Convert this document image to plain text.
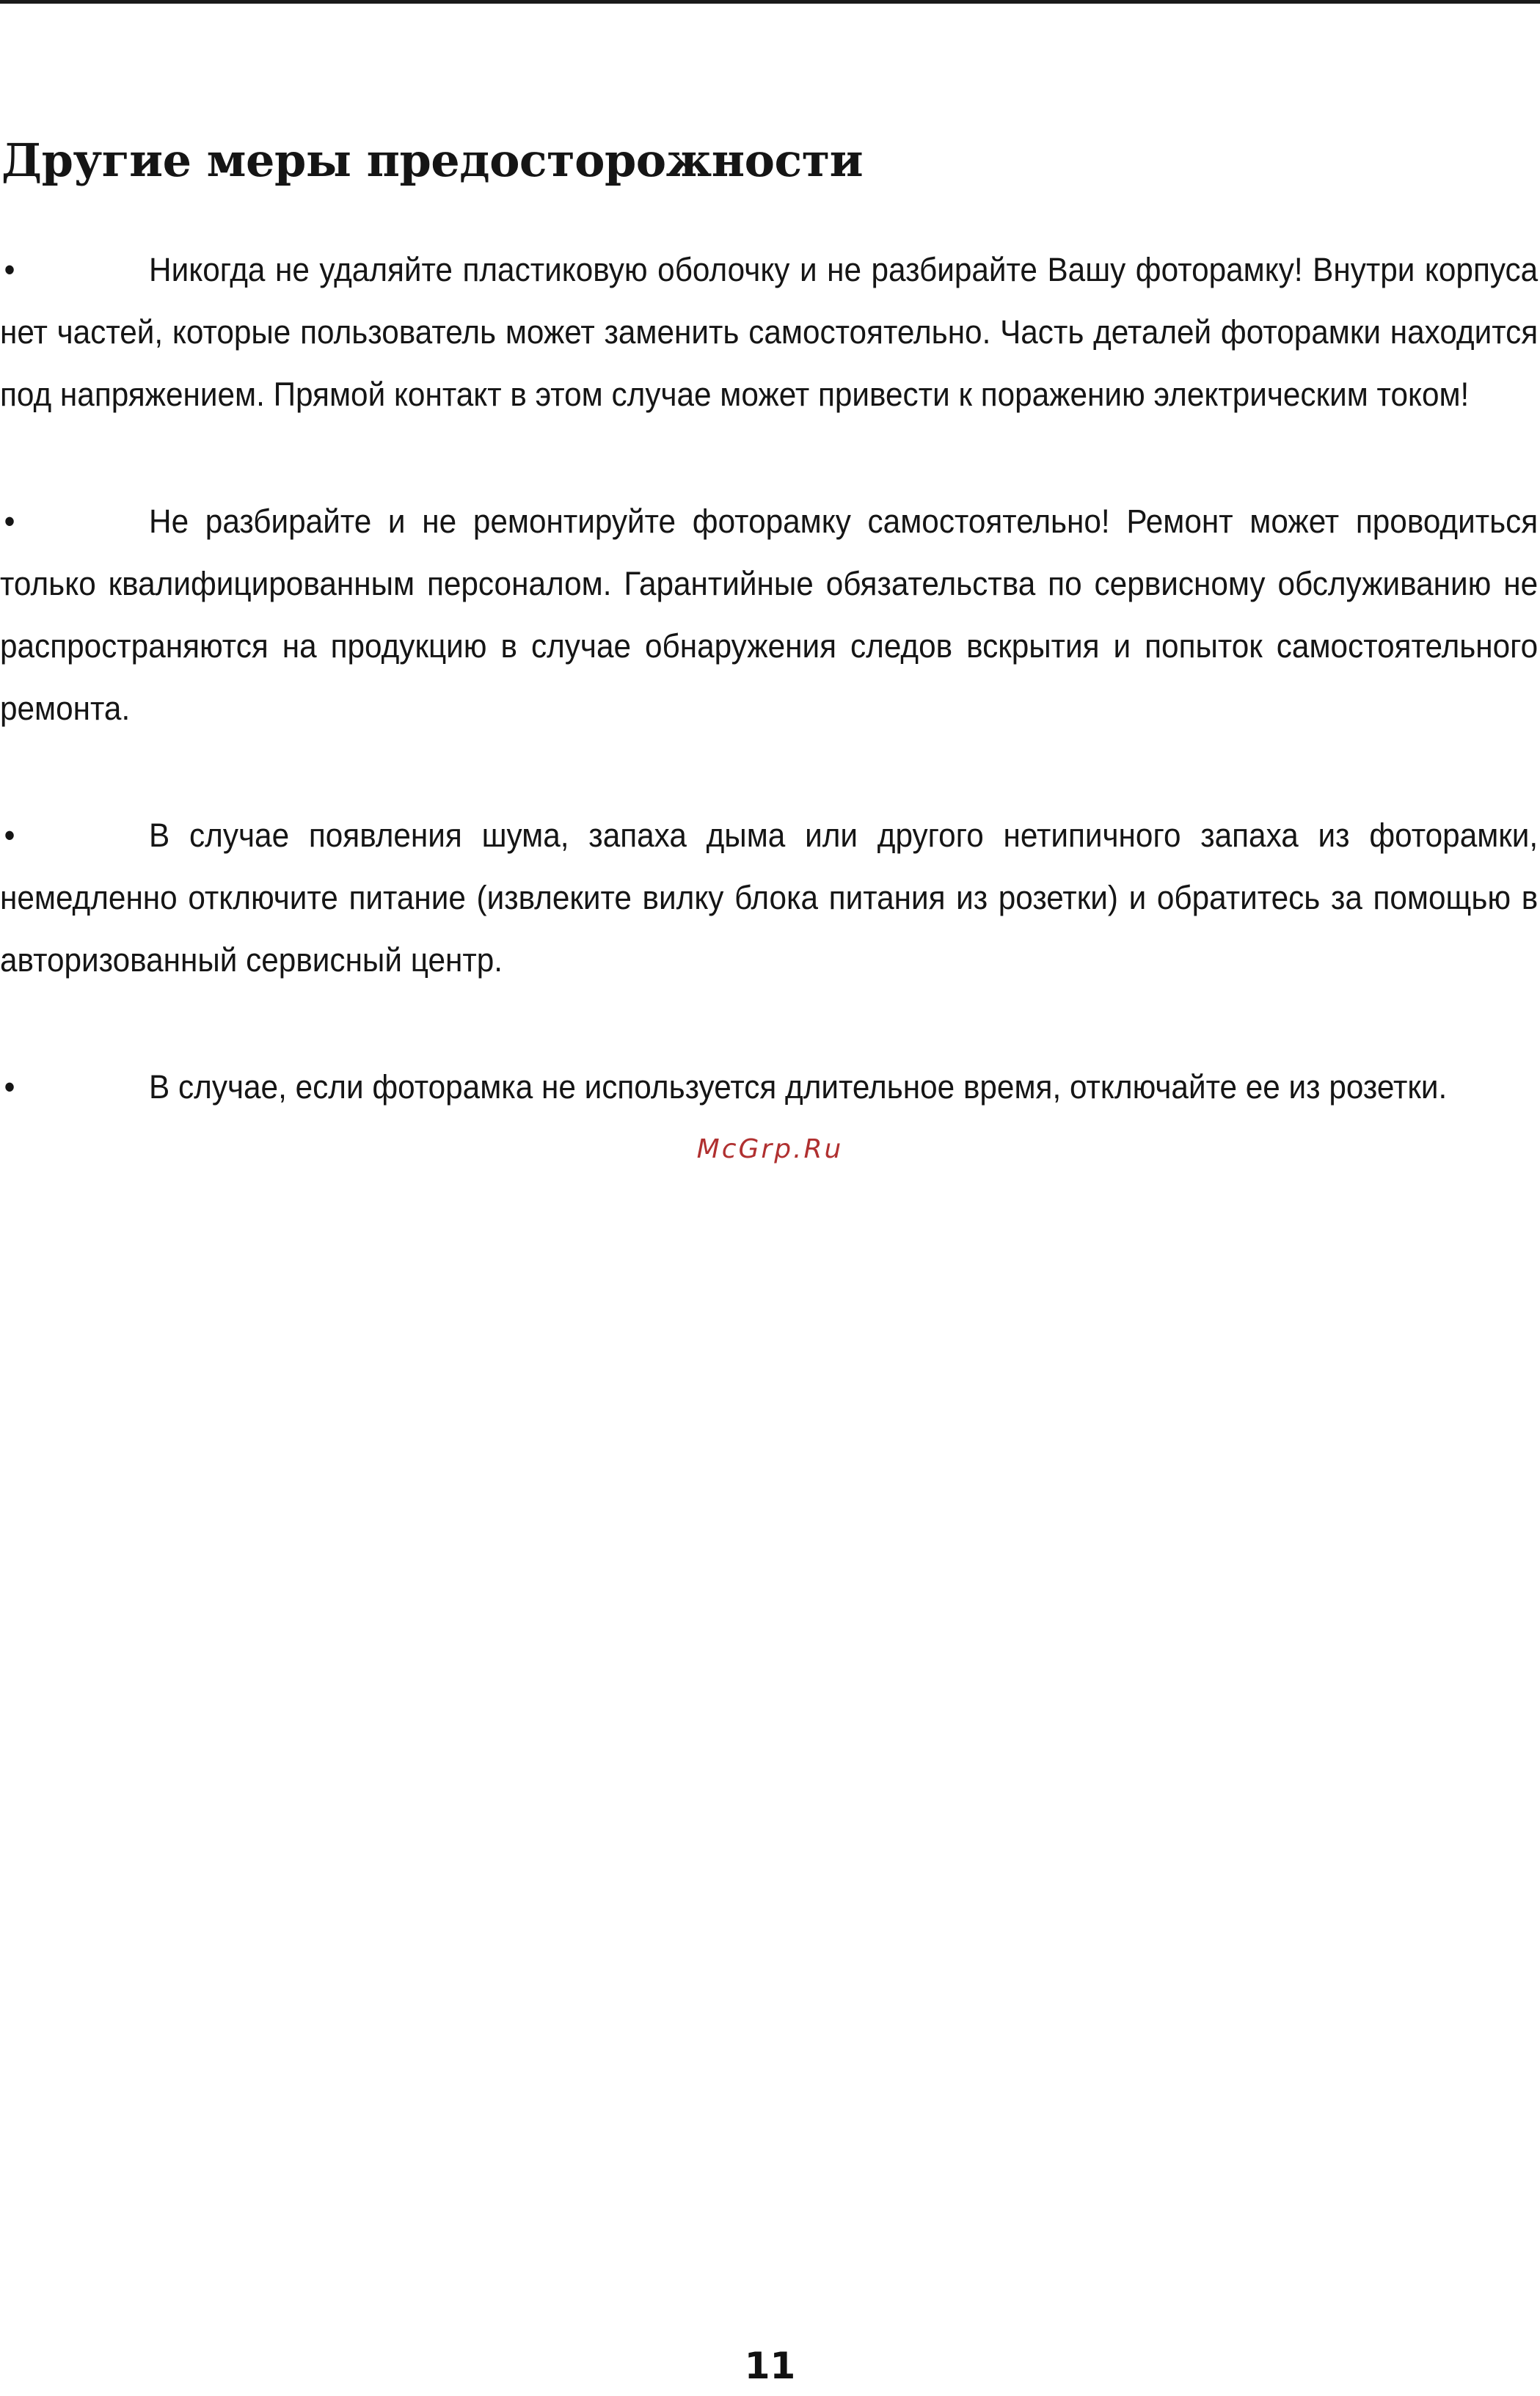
Другие меры предосторожности

•	Никогда не удаляйте пластиковую оболочку и не разбирайте Вашу фоторамку! Внутри корпуса нет частей, которые пользователь может заменить самостоятельно. Часть деталей фоторамки находится под напряжением. Прямой контакт в этом случае может привести к поражению электрическим током!

•	Не разбирайте и не ремонтируйте фоторамку самостоятельно! Ремонт может проводиться только квалифицированным персоналом. Гарантийные обязательства по сервисному обслуживанию не распространяются на продукцию в случае обнаружения следов вскрытия и попыток самостоятельного ремонта.

•	В случае появления шума, запаха дыма или другого нетипичного запаха из фоторамки, немедленно отключите питание (извлеките вилку блока питания из розетки) и обратитесь за помощью в авторизованный сервисный центр.

•	В случае, если фоторамка не используется длительное время, отключайте ее из розетки.

McGrp.Ru
11
